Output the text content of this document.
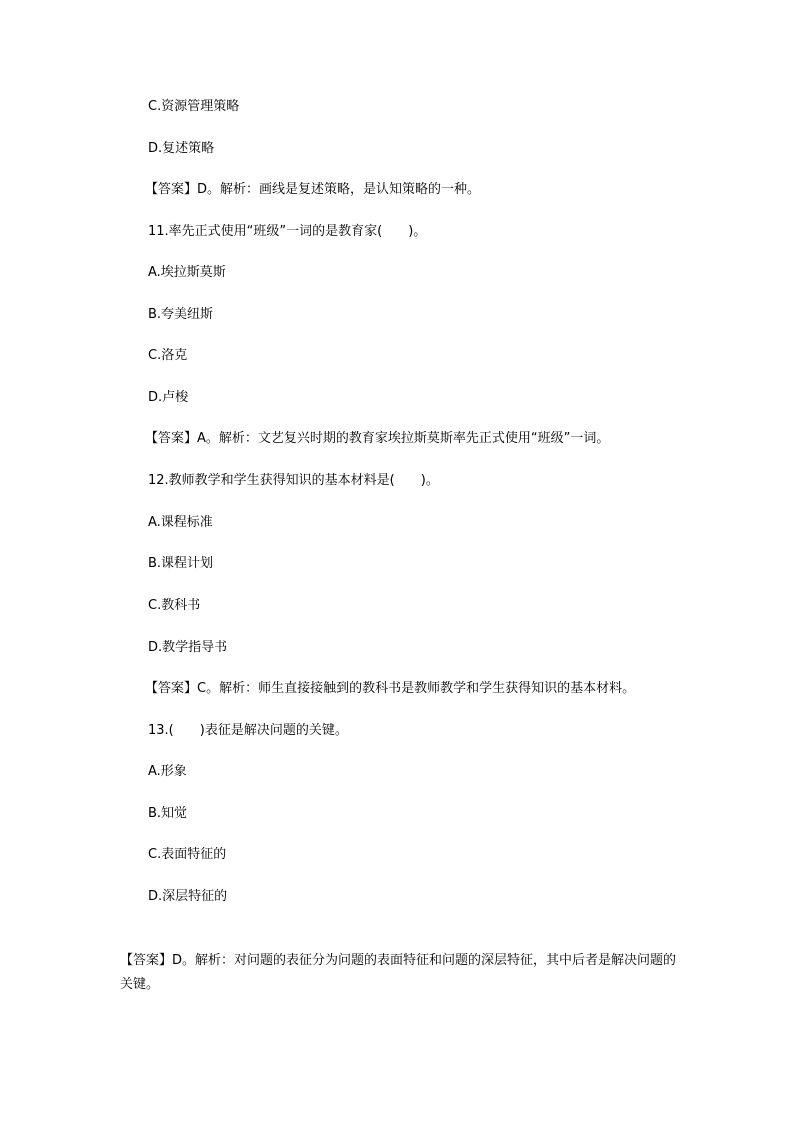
C.资源管理策略
D.复述策略
【答案】D。解析：画线是复述策略，是认知策略的一种。
11.率先正式使用“班级”一词的是教育家(　　)。
A.埃拉斯莫斯
B.夸美纽斯
C.洛克
D.卢梭
【答案】A。解析：文艺复兴时期的教育家埃拉斯莫斯率先正式使用“班级”一词。
12.教师教学和学生获得知识的基本材料是(　　)。
A.课程标准
B.课程计划
C.教科书
D.教学指导书
【答案】C。解析：师生直接接触到的教科书是教师教学和学生获得知识的基本材料。
13.(　　)表征是解决问题的关键。
A.形象
B.知觉
C.表面特征的
D.深层特征的
【答案】D。解析：对问题的表征分为问题的表面特征和问题的深层特征，其中后者是解决问题的关键。
